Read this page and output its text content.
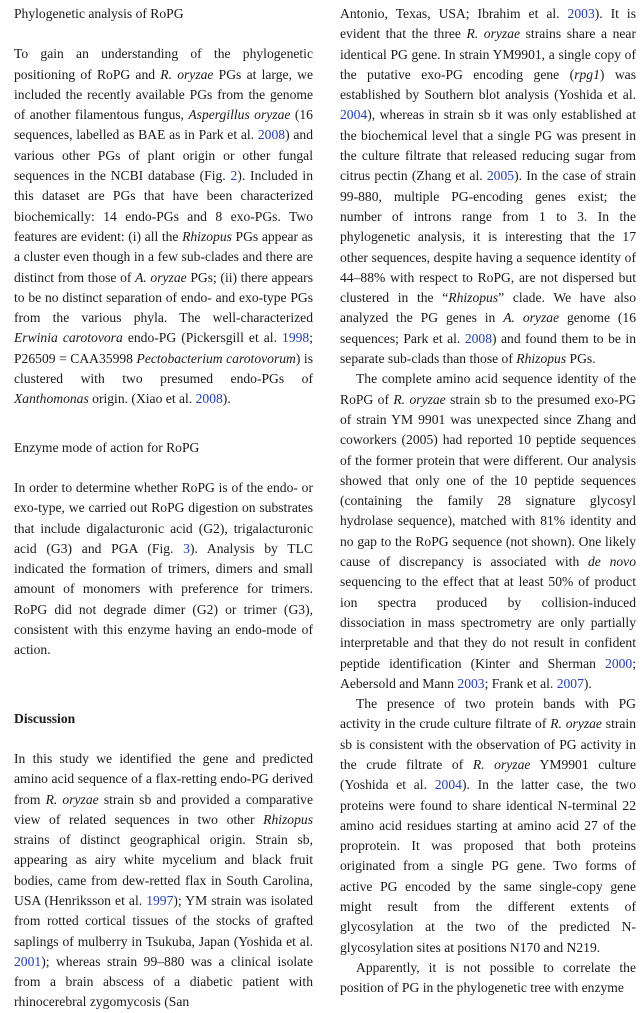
Phylogenetic analysis of RoPG

To gain an understanding of the phylogenetic positioning of RoPG and R. oryzae PGs at large, we included the recently available PGs from the genome of another filamentous fungus, Aspergillus oryzae (16 sequences, labelled as BAE as in Park et al. 2008) and various other PGs of plant origin or other fungal sequences in the NCBI database (Fig. 2). Included in this dataset are PGs that have been characterized biochemically: 14 endo-PGs and 8 exo-PGs. Two features are evident: (i) all the Rhizopus PGs appear as a cluster even though in a few sub-clades and there are distinct from those of A. oryzae PGs; (ii) there appears to be no distinct separation of endo- and exo-type PGs from the various phyla. The well-characterized Erwinia carotovora endo-PG (Pickersgill et al. 1998; P26509 = CAA35998 Pectobacterium carotovorum) is clustered with two presumed endo-PGs of Xanthomonas origin. (Xiao et al. 2008).

Enzyme mode of action for RoPG

In order to determine whether RoPG is of the endo- or exo-type, we carried out RoPG digestion on substrates that include digalacturonic acid (G2), trigalacturonic acid (G3) and PGA (Fig. 3). Analysis by TLC indicated the formation of trimers, dimers and small amount of monomers with preference for trimers. RoPG did not degrade dimer (G2) or trimer (G3), consistent with this enzyme having an endo-mode of action.

Discussion

In this study we identified the gene and predicted amino acid sequence of a flax-retting endo-PG derived from R. oryzae strain sb and provided a comparative view of related sequences in two other Rhizopus strains of distinct geographical origin. Strain sb, appearing as airy white mycelium and black fruit bodies, came from dew-retted flax in South Carolina, USA (Henriksson et al. 1997); YM strain was isolated from rotted cortical tissues of the stocks of grafted saplings of mulberry in Tsukuba, Japan (Yoshida et al. 2001); whereas strain 99–880 was a clinical isolate from a brain abscess of a diabetic patient with rhinocerebral zygomycosis (San

Antonio, Texas, USA; Ibrahim et al. 2003). It is evident that the three R. oryzae strains share a near identical PG gene. In strain YM9901, a single copy of the putative exo-PG encoding gene (rpg1) was established by Southern blot analysis (Yoshida et al. 2004), whereas in strain sb it was only established at the biochemical level that a single PG was present in the culture filtrate that released reducing sugar from citrus pectin (Zhang et al. 2005). In the case of strain 99-880, multiple PG-encoding genes exist; the number of introns range from 1 to 3. In the phylogenetic analysis, it is interesting that the 17 other sequences, despite having a sequence identity of 44–88% with respect to RoPG, are not dispersed but clustered in the “Rhizopus” clade. We have also analyzed the PG genes in A. oryzae genome (16 sequences; Park et al. 2008) and found them to be in separate sub-clads than those of Rhizopus PGs.

The complete amino acid sequence identity of the RoPG of R. oryzae strain sb to the presumed exo-PG of strain YM 9901 was unexpected since Zhang and coworkers (2005) had reported 10 peptide sequences of the former protein that were different. Our analysis showed that only one of the 10 peptide sequences (containing the family 28 signature glycosyl hydrolase sequence), matched with 81% identity and no gap to the RoPG sequence (not shown). One likely cause of discrepancy is associated with de novo sequencing to the effect that at least 50% of product ion spectra produced by collision-induced dissociation in mass spectrometry are only partially interpretable and that they do not result in confident peptide identification (Kinter and Sherman 2000; Aebersold and Mann 2003; Frank et al. 2007).

The presence of two protein bands with PG activity in the crude culture filtrate of R. oryzae strain sb is consistent with the observation of PG activity in the crude filtrate of R. oryzae YM9901 culture (Yoshida et al. 2004). In the latter case, the two proteins were found to share identical N-terminal 22 amino acid residues starting at amino acid 27 of the proprotein. It was proposed that both proteins originated from a single PG gene. Two forms of active PG encoded by the same single-copy gene might result from the different extents of glycosylation at the two of the predicted N-glycosylation sites at positions N170 and N219.

Apparently, it is not possible to correlate the position of PG in the phylogenetic tree with enzyme
